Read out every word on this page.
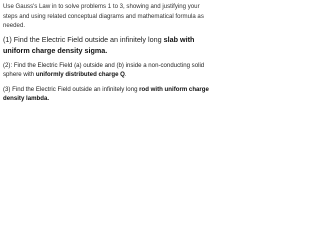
Use Gauss's Law in to solve problems 1 to 3, showing and justifying your
steps and using related conceptual diagrams and mathematical formula as
needed.
(1) Find the Electric Field outside an infinitely long slab with
uniform charge density sigma.
(2): Find the Electric Field (a) outside and (b) inside a non-conducting solid
sphere with uniformly distributed charge Q.
(3) Find the Electric Field outside an infinitely long rod with uniform charge
density lambda.
